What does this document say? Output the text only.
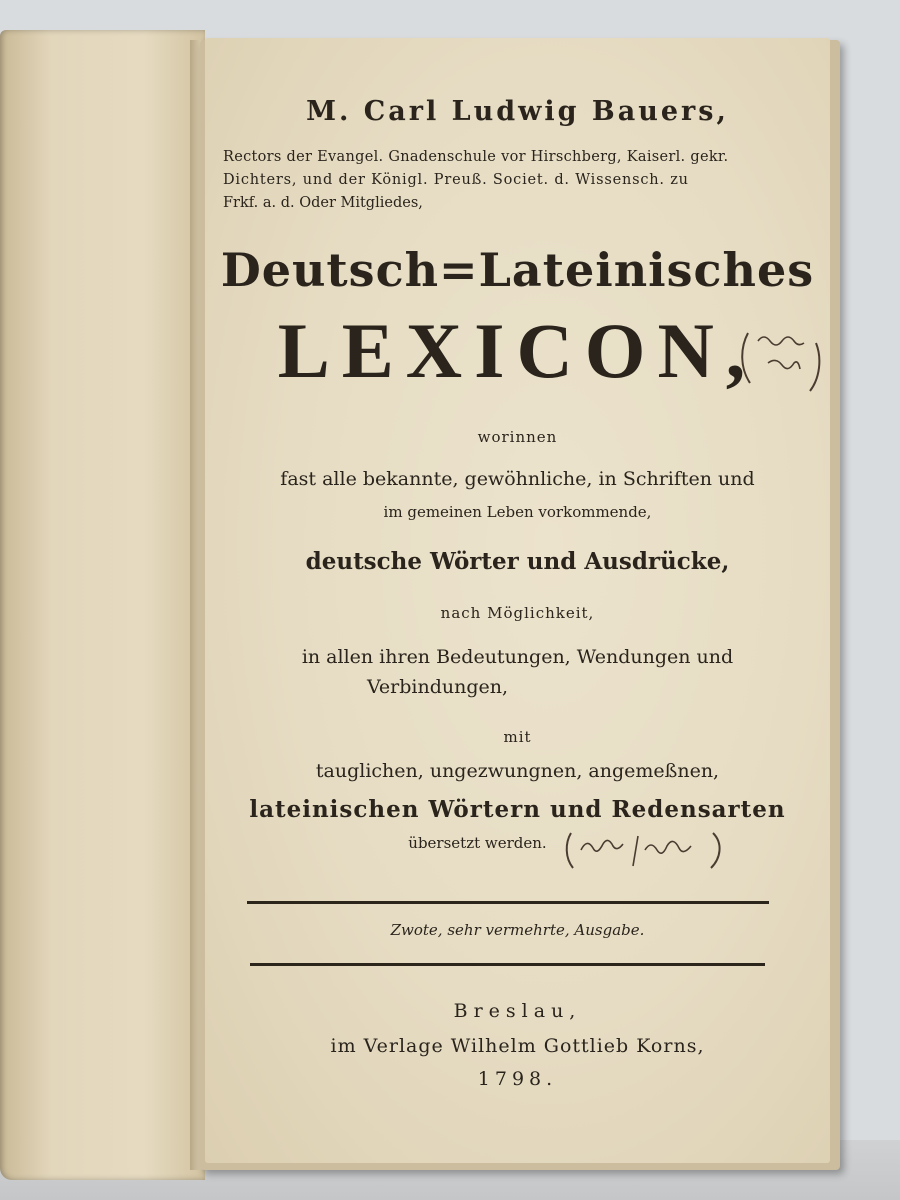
M. Carl Ludwig Bauers,
Rectors der Evangel. Gnadenschule vor Hirschberg, Kaiserl. gekr.
Dichters, und der Königl. Preuß. Societ. d. Wissensch. zu
Frkf. a. d. Oder Mitgliedes,
Deutsch=Lateinisches
LEXICON,
worinnen
fast alle bekannte, gewöhnliche, in Schriften und
im gemeinen Leben vorkommende,
deutsche Wörter und Ausdrücke,
nach Möglichkeit,
in allen ihren Bedeutungen, Wendungen und
Verbindungen,
mit
tauglichen, ungezwungnen, angemeßnen,
lateinischen Wörtern und Redensarten
übersetzt werden.
Zwote, sehr vermehrte, Ausgabe.
Breslau,
im Verlage Wilhelm Gottlieb Korns,
1798.
